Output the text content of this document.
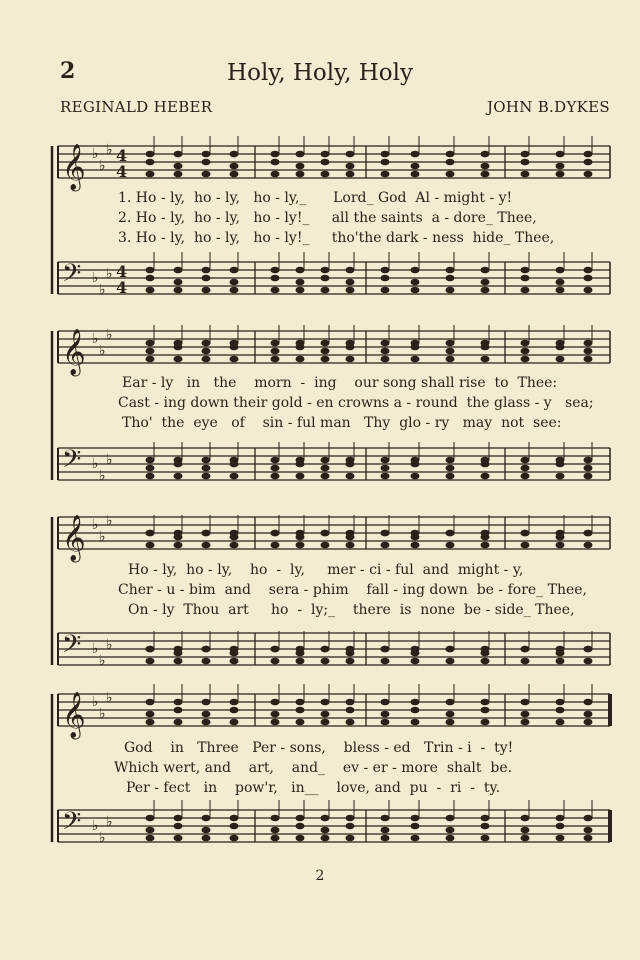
2	Holy, Holy, Holy
REGINALD HEBER	JOHN B.DYKES
𝄞 ♭
♭
♭ 4
4
𝄢 ♭
♭
♭ 4
4
𝄞 ♭
♭
♭
𝄢 ♭
♭
♭
𝄞 ♭
♭
♭
𝄢 ♭
♭
♭
𝄞 ♭
♭
♭
𝄢 ♭
♭
♭

1. Ho - ly,  ho - ly,   ho - ly,_      Lord_ God  Al - might - y!

2. Ho - ly,  ho - ly,   ho - ly!_     all the saints  a - dore_ Thee,

3. Ho - ly,  ho - ly,   ho - ly!_     tho'the dark - ness  hide_ Thee,

Ear - ly   in   the    morn  -  ing    our song shall rise  to  Thee:

Cast - ing down their gold - en crowns a - round  the glass - y   sea;

Tho'  the  eye   of    sin - ful man   Thy  glo - ry   may  not  see:

Ho - ly,  ho - ly,    ho  -  ly,     mer - ci - ful  and  might - y,

Cher - u - bim  and    sera - phim    fall - ing down  be - fore_ Thee,

On - ly  Thou  art     ho  -  ly;_    there  is  none  be - side_ Thee,

God    in   Three   Per - sons,    bless - ed   Trin - i  -  ty!

Which wert, and    art,    and_    ev - er - more  shalt  be.

Per - fect   in    pow'r,   in__    love, and  pu  -  ri  -  ty.

2
